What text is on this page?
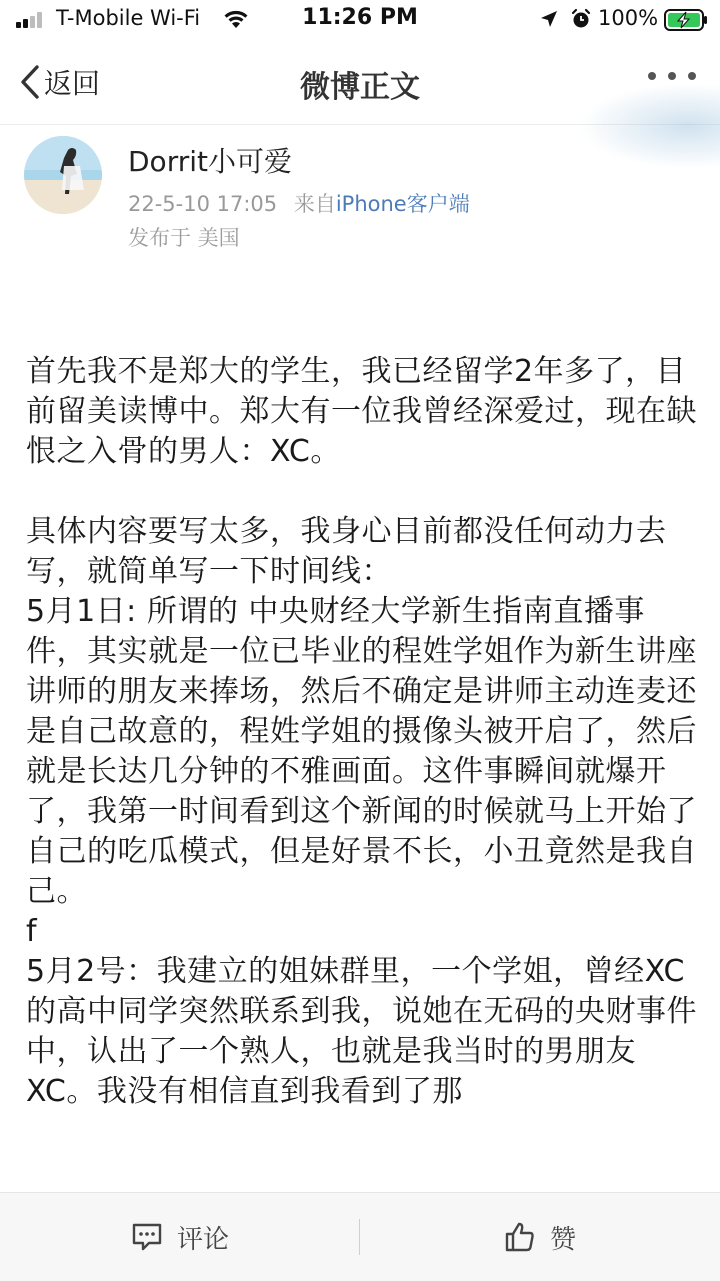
T-Mobile Wi-Fi	11:26 PM	100%
返回	微博正文
Dorrit小可爱
22-5-10 17:05 来自iPhone客户端
发布于 美国

首先我不是郑大的学生，我已经留学2年多了，目前留美读博中。郑大有一位我曾经深爱过，现在缺恨之入骨的男人：XC。

具体内容要写太多，我身心目前都没任何动力去写，就简单写一下时间线：

5月1日: 所谓的 中央财经大学新生指南直播事件，其实就是一位已毕业的程姓学姐作为新生讲座讲师的朋友来捧场，然后不确定是讲师主动连麦还是自己故意的，程姓学姐的摄像头被开启了，然后就是长达几分钟的不雅画面。这件事瞬间就爆开了，我第一时间看到这个新闻的时候就马上开始了自己的吃瓜模式，但是好景不长，小丑竟然是我自己。

f

5月2号：我建立的姐妹群里，一个学姐，曾经XC的高中同学突然联系到我，说她在无码的央财事件中，认出了一个熟人，也就是我当时的男朋友XC。我没有相信直到我看到了那

评论	赞
